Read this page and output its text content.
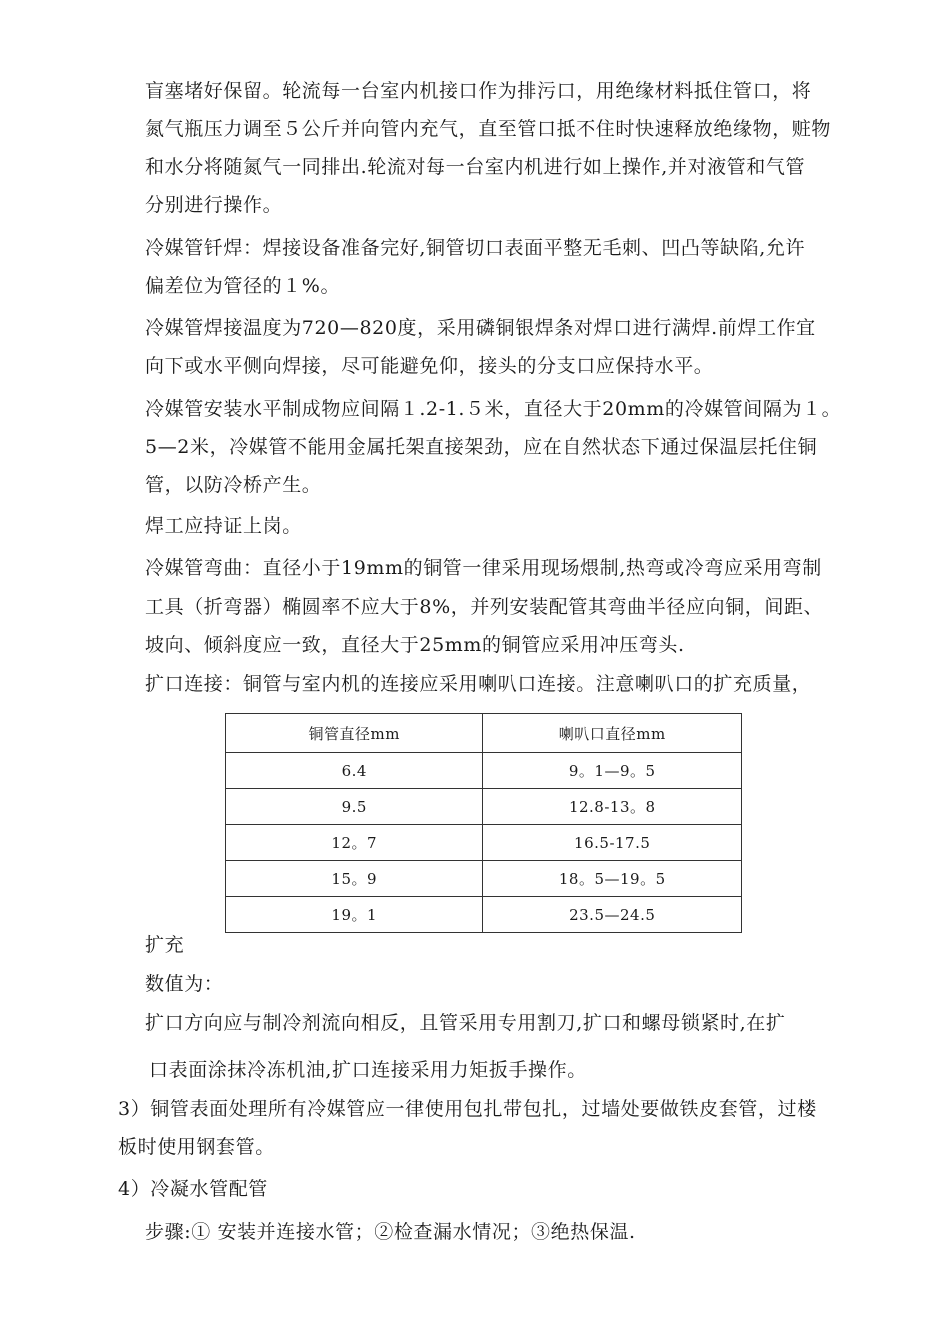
盲塞堵好保留。轮流每一台室内机接口作为排污口，用绝缘材料抵住管口，将
氮气瓶压力调至５公斤并向管内充气，直至管口抵不住时快速释放绝缘物，赃物
和水分将随氮气一同排出.轮流对每一台室内机进行如上操作,并对液管和气管
分别进行操作。
冷媒管钎焊：焊接设备准备完好,铜管切口表面平整无毛刺、凹凸等缺陷,允许
偏差位为管径的１%。
冷媒管焊接温度为720—820度，采用磷铜银焊条对焊口进行满焊.前焊工作宜
向下或水平侧向焊接，尽可能避免仰，接头的分支口应保持水平。
冷媒管安装水平制成物应间隔１.2-1.５米，直径大于20mm的冷媒管间隔为１。
5—2米，冷媒管不能用金属托架直接架劲，应在自然状态下通过保温层托住铜
管，以防冷桥产生。
焊工应持证上岗。
冷媒管弯曲：直径小于19mm的铜管一律采用现场煨制,热弯或冷弯应采用弯制
工具（折弯器）椭圆率不应大于8%，并列安装配管其弯曲半径应向铜，间距、
坡向、倾斜度应一致，直径大于25mm的铜管应采用冲压弯头.
扩口连接：铜管与室内机的连接应采用喇叭口连接。注意喇叭口的扩充质量，
铜管直径mm	喇叭口直径mm
6.4	9。1—9。5
9.5	12.8-13。8
12。7	16.5-17.5
15。9	18。5—19。5
19。1	23.5—24.5
扩充
数值为：
扩口方向应与制冷剂流向相反，且管采用专用割刀,扩口和螺母锁紧时,在扩
口表面涂抹冷冻机油,扩口连接采用力矩扳手操作。
3）铜管表面处理所有冷媒管应一律使用包扎带包扎，过墙处要做铁皮套管，过楼
板时使用钢套管。
4）冷凝水管配管
步骤:① 安装并连接水管；②检查漏水情况；③绝热保温.
